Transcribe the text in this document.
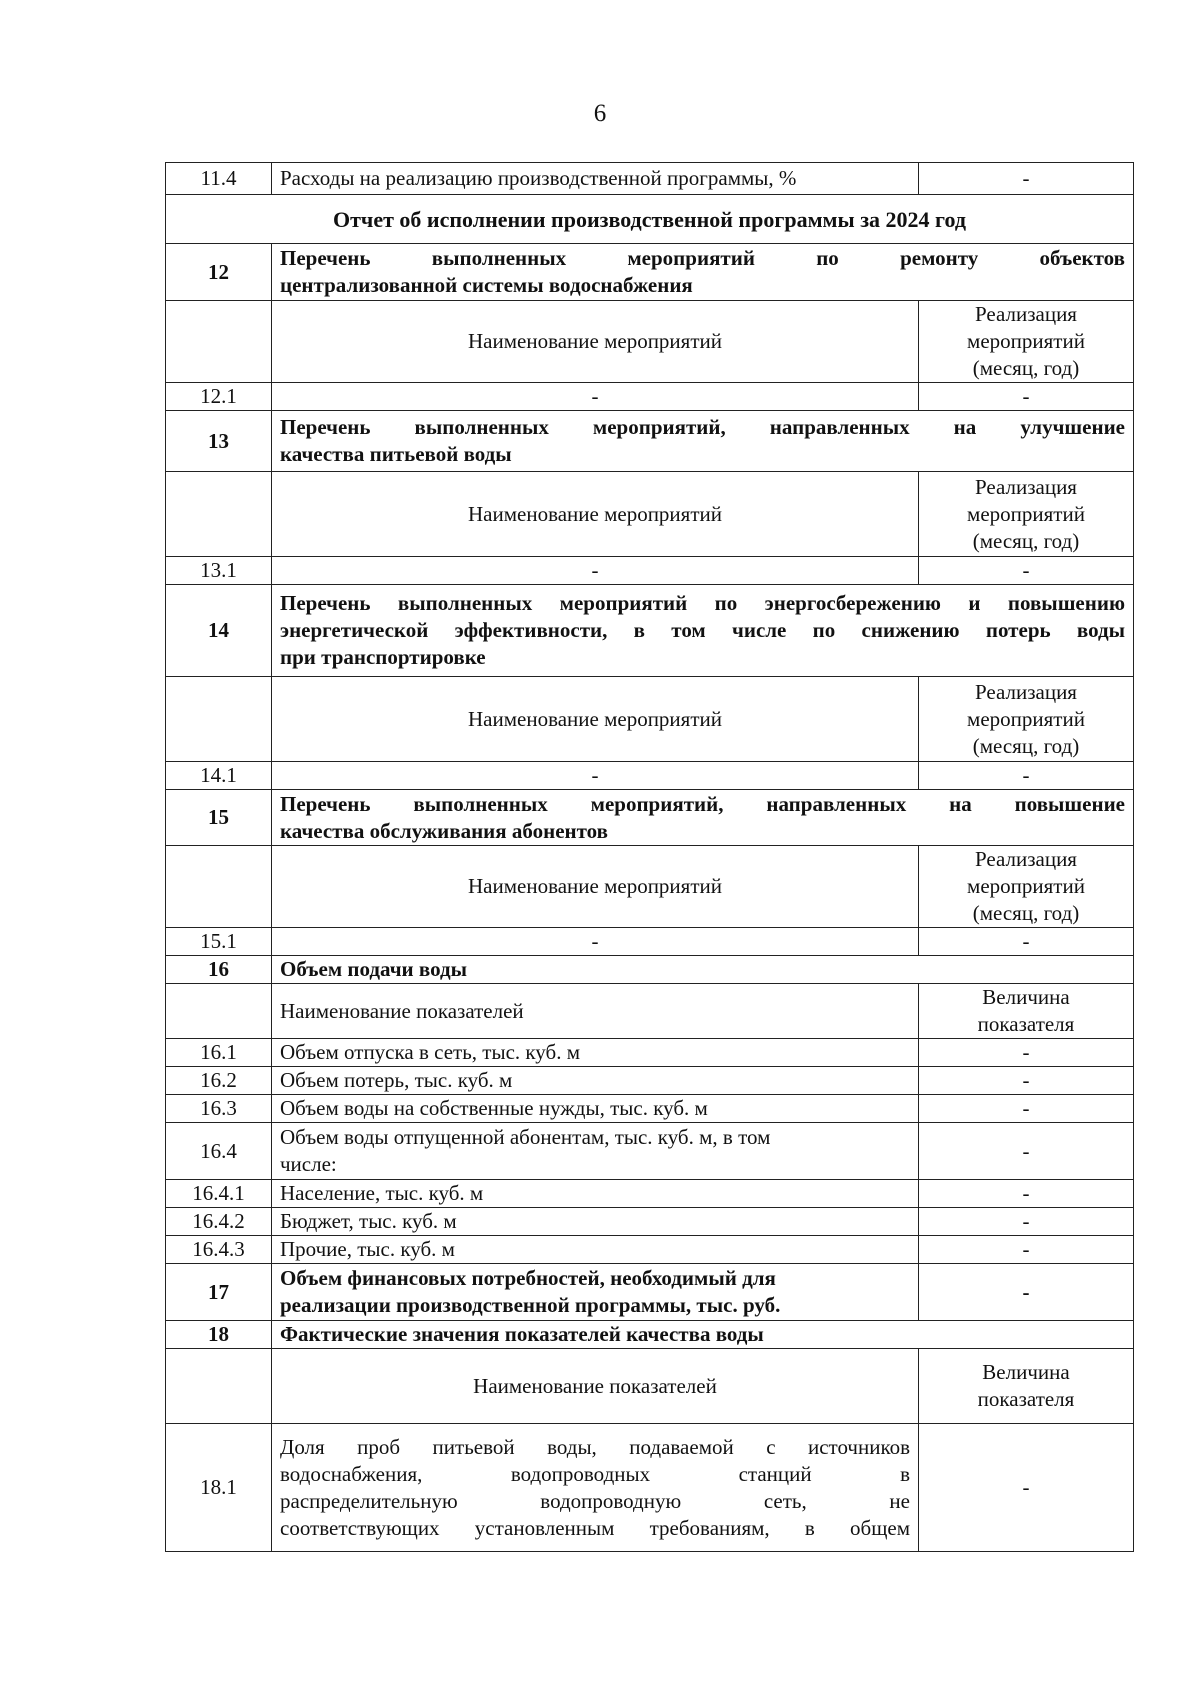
6
11.4	Расходы на реализацию производственной программы, %	-
Отчет об исполнении производственной программы за 2024 год		
12	Перечень выполненных мероприятий по ремонту объектов
централизованной системы водоснабжения	

	Наименование мероприятий	Реализация
мероприятий
(месяц, год)

12.1	-	-
13	Перечень выполненных мероприятий, направленных на улучшение
качества питьевой воды	

	Наименование мероприятий	Реализация
мероприятий
(месяц, год)

13.1	-	-
14	Перечень выполненных мероприятий по энергосбережению и повышению
энергетической эффективности, в том числе по снижению потерь воды
при транспортировке	

	Наименование мероприятий	Реализация
мероприятий
(месяц, год)

14.1	-	-
15	Перечень выполненных мероприятий, направленных на повышение
качества обслуживания абонентов	

	Наименование мероприятий	Реализация
мероприятий
(месяц, год)

15.1	-	-
16	Объем подачи воды	
	Наименование показателей	Величина
показателя

16.1	Объем отпуска в сеть, тыс. куб. м	-
16.2	Объем потерь, тыс. куб. м	-
16.3	Объем воды на собственные нужды, тыс. куб. м	-
16.4	Объем воды отпущенной абонентам, тыс. куб. м, в том
числе:	-
16.4.1	Население, тыс. куб. м	-
16.4.2	Бюджет, тыс. куб. м	-
16.4.3	Прочие, тыс. куб. м	-
17	Объем финансовых потребностей, необходимый для
реализации производственной программы, тыс. руб.	-
18	Фактические значения показателей качества воды	
	Наименование показателей	Величина
показателя

18.1	Доля проб питьевой воды, подаваемой с источников
водоснабжения, водопроводных станций в
распределительную водопроводную сеть, не
соответствующих установленным требованиям, в общем	-
